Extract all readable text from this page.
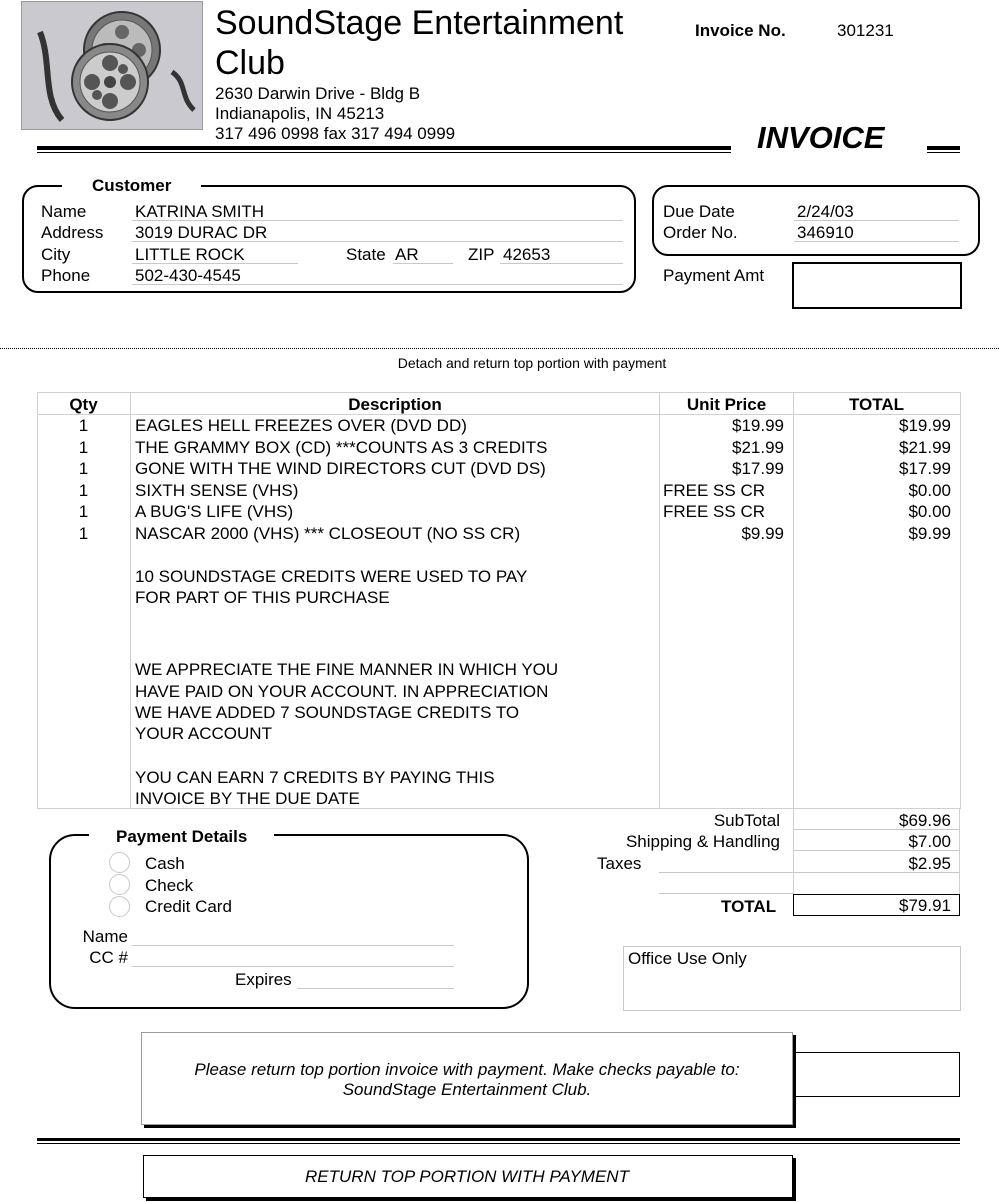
SoundStage Entertainment Club
2630 Darwin Drive - Bldg B
Indianapolis, IN 45213
317 496 0998 fax 317 494 0999
Invoice No.	301231
INVOICE
Customer
Name	KATRINA SMITH
Address 3019 DURAC DR
City	LITTLE ROCK	State AR	ZIP 42653
Phone	502-430-4545
Due Date	2/24/03
Order No.	346910
Payment Amt
Detach and return top portion with payment
Qty	Description	Unit Price	TOTAL
1	EAGLES HELL FREEZES OVER (DVD DD)	$19.99	$19.99
1	THE GRAMMY BOX (CD) ***COUNTS AS 3 CREDITS	$21.99	$21.99
1	GONE WITH THE WIND DIRECTORS CUT (DVD DS)	$17.99	$17.99
1	SIXTH SENSE (VHS)	FREE SS CR	$0.00
1	A BUG'S LIFE (VHS)	FREE SS CR	$0.00
1	NASCAR 2000 (VHS) *** CLOSEOUT (NO SS CR)	$9.99	$9.99
10 SOUNDSTAGE CREDITS WERE USED TO PAY
FOR PART OF THIS PURCHASE
WE APPRECIATE THE FINE MANNER IN WHICH YOU
HAVE PAID ON YOUR ACCOUNT. IN APPRECIATION
WE HAVE ADDED 7 SOUNDSTAGE CREDITS TO
YOUR ACCOUNT
YOU CAN EARN 7 CREDITS BY PAYING THIS
INVOICE BY THE DUE DATE
SubTotal	$69.96
Shipping & Handling	$7.00
Taxes	$2.95
TOTAL	$79.91
Payment Details
Cash
Check
Credit Card
Name
CC #
Expires
Office Use Only
Please return top portion invoice with payment. Make checks payable to:
SoundStage Entertainment Club.
RETURN TOP PORTION WITH PAYMENT
